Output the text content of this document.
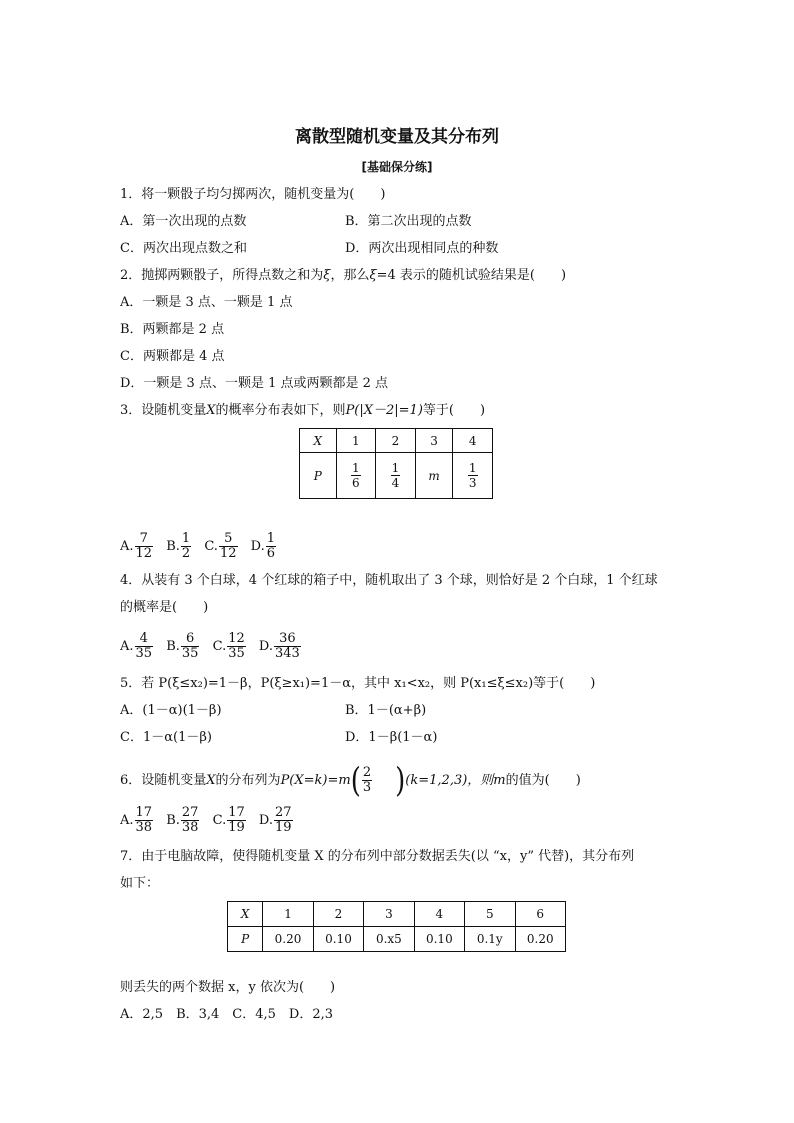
离散型随机变量及其分布列
[基础保分练]
1．将一颗骰子均匀掷两次，随机变量为(　　)
A．第一次出现的点数	B．第二次出现的点数
C．两次出现点数之和	D．两次出现相同点的种数
2．抛掷两颗骰子，所得点数之和为ξ，那么ξ=4 表示的随机试验结果是(　　)
A．一颗是 3 点、一颗是 1 点
B．两颗都是 2 点
C．两颗都是 4 点
D．一颗是 3 点、一颗是 1 点或两颗都是 2 点
3．设随机变量X的概率分布表如下，则P(|X－2|=1)等于(　　)
X	1	2	3	4
P	$\frac{1}{6}$	$\frac{1}{4}$	m	$\frac{1}{3}$
A. $\frac{7}{12} B$. $\frac{1}{2} C$. $\frac{5}{12} D$. $\frac{1}{6}$
4．从装有 3 个白球，4 个红球的箱子中，随机取出了 3 个球，则恰好是 2 个白球，1 个红球
的概率是(　　)
A. $\frac{4}{35} B$. $\frac{6}{35} C$. $\frac{12}{35} D$. $\frac{36}{343}$
5．若 P(ξ≤x₂)=1－β，P(ξ≥x₁)=1－α，其中 x₁<x₂，则 P(x₁≤ξ≤x₂)等于(　　)
A．(1－α)(1－β)	B．1－(α+β)
C．1－α(1－β)	D．1－β(1－α)
6．设随机变量X的分布列为$P(X=k)=m( \frac{2}{3} )(k=1,2,3)$，则m的值为(　　)
A. $\frac{17}{38} B$. $\frac{27}{38} C$. $\frac{17}{19} D$. $\frac{27}{19}$
7．由于电脑故障，使得随机变量 X 的分布列中部分数据丢失(以 “x，y” 代替)，其分布列
如下：
X	1	2	3	4	5	6
P	0.20	0.10	0.x5	0.10	0.1y	0.20
则丢失的两个数据 x，y 依次为(　　)
A．2,5　B．3,4　C．4,5　D．2,3
